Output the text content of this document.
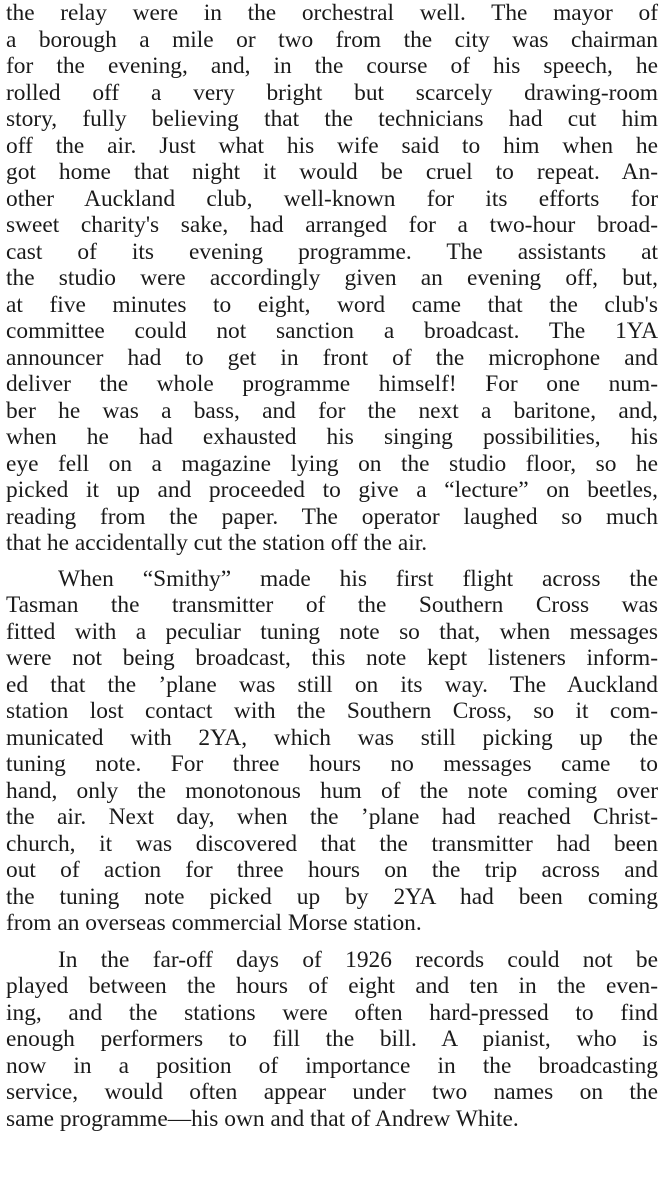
the relay were in the orchestral well. The mayor of
a borough a mile or two from the city was chairman
for the evening, and, in the course of his speech, he
rolled off a very bright but scarcely drawing-room
story, fully believing that the technicians had cut him
off the air. Just what his wife said to him when he
got home that night it would be cruel to repeat. An-
other Auckland club, well-known for its efforts for
sweet charity's sake, had arranged for a two-hour broad-
cast of its evening programme. The assistants at
the studio were accordingly given an evening off, but,
at five minutes to eight, word came that the club's
committee could not sanction a broadcast. The 1YA
announcer had to get in front of the microphone and
deliver the whole programme himself! For one num-
ber he was a bass, and for the next a baritone, and,
when he had exhausted his singing possibilities, his
eye fell on a magazine lying on the studio floor, so he
picked it up and proceeded to give a “lecture” on beetles,
reading from the paper. The operator laughed so much
that he accidentally cut the station off the air.
When “Smithy” made his first flight across the
Tasman the transmitter of the Southern Cross was
fitted with a peculiar tuning note so that, when messages
were not being broadcast, this note kept listeners inform-
ed that the ’plane was still on its way. The Auckland
station lost contact with the Southern Cross, so it com-
municated with 2YA, which was still picking up the
tuning note. For three hours no messages came to
hand, only the monotonous hum of the note coming over
the air. Next day, when the ’plane had reached Christ-
church, it was discovered that the transmitter had been
out of action for three hours on the trip across and
the tuning note picked up by 2YA had been coming
from an overseas commercial Morse station.
In the far-off days of 1926 records could not be
played between the hours of eight and ten in the even-
ing, and the stations were often hard-pressed to find
enough performers to fill the bill. A pianist, who is
now in a position of importance in the broadcasting
service, would often appear under two names on the
same programme—his own and that of Andrew White.
